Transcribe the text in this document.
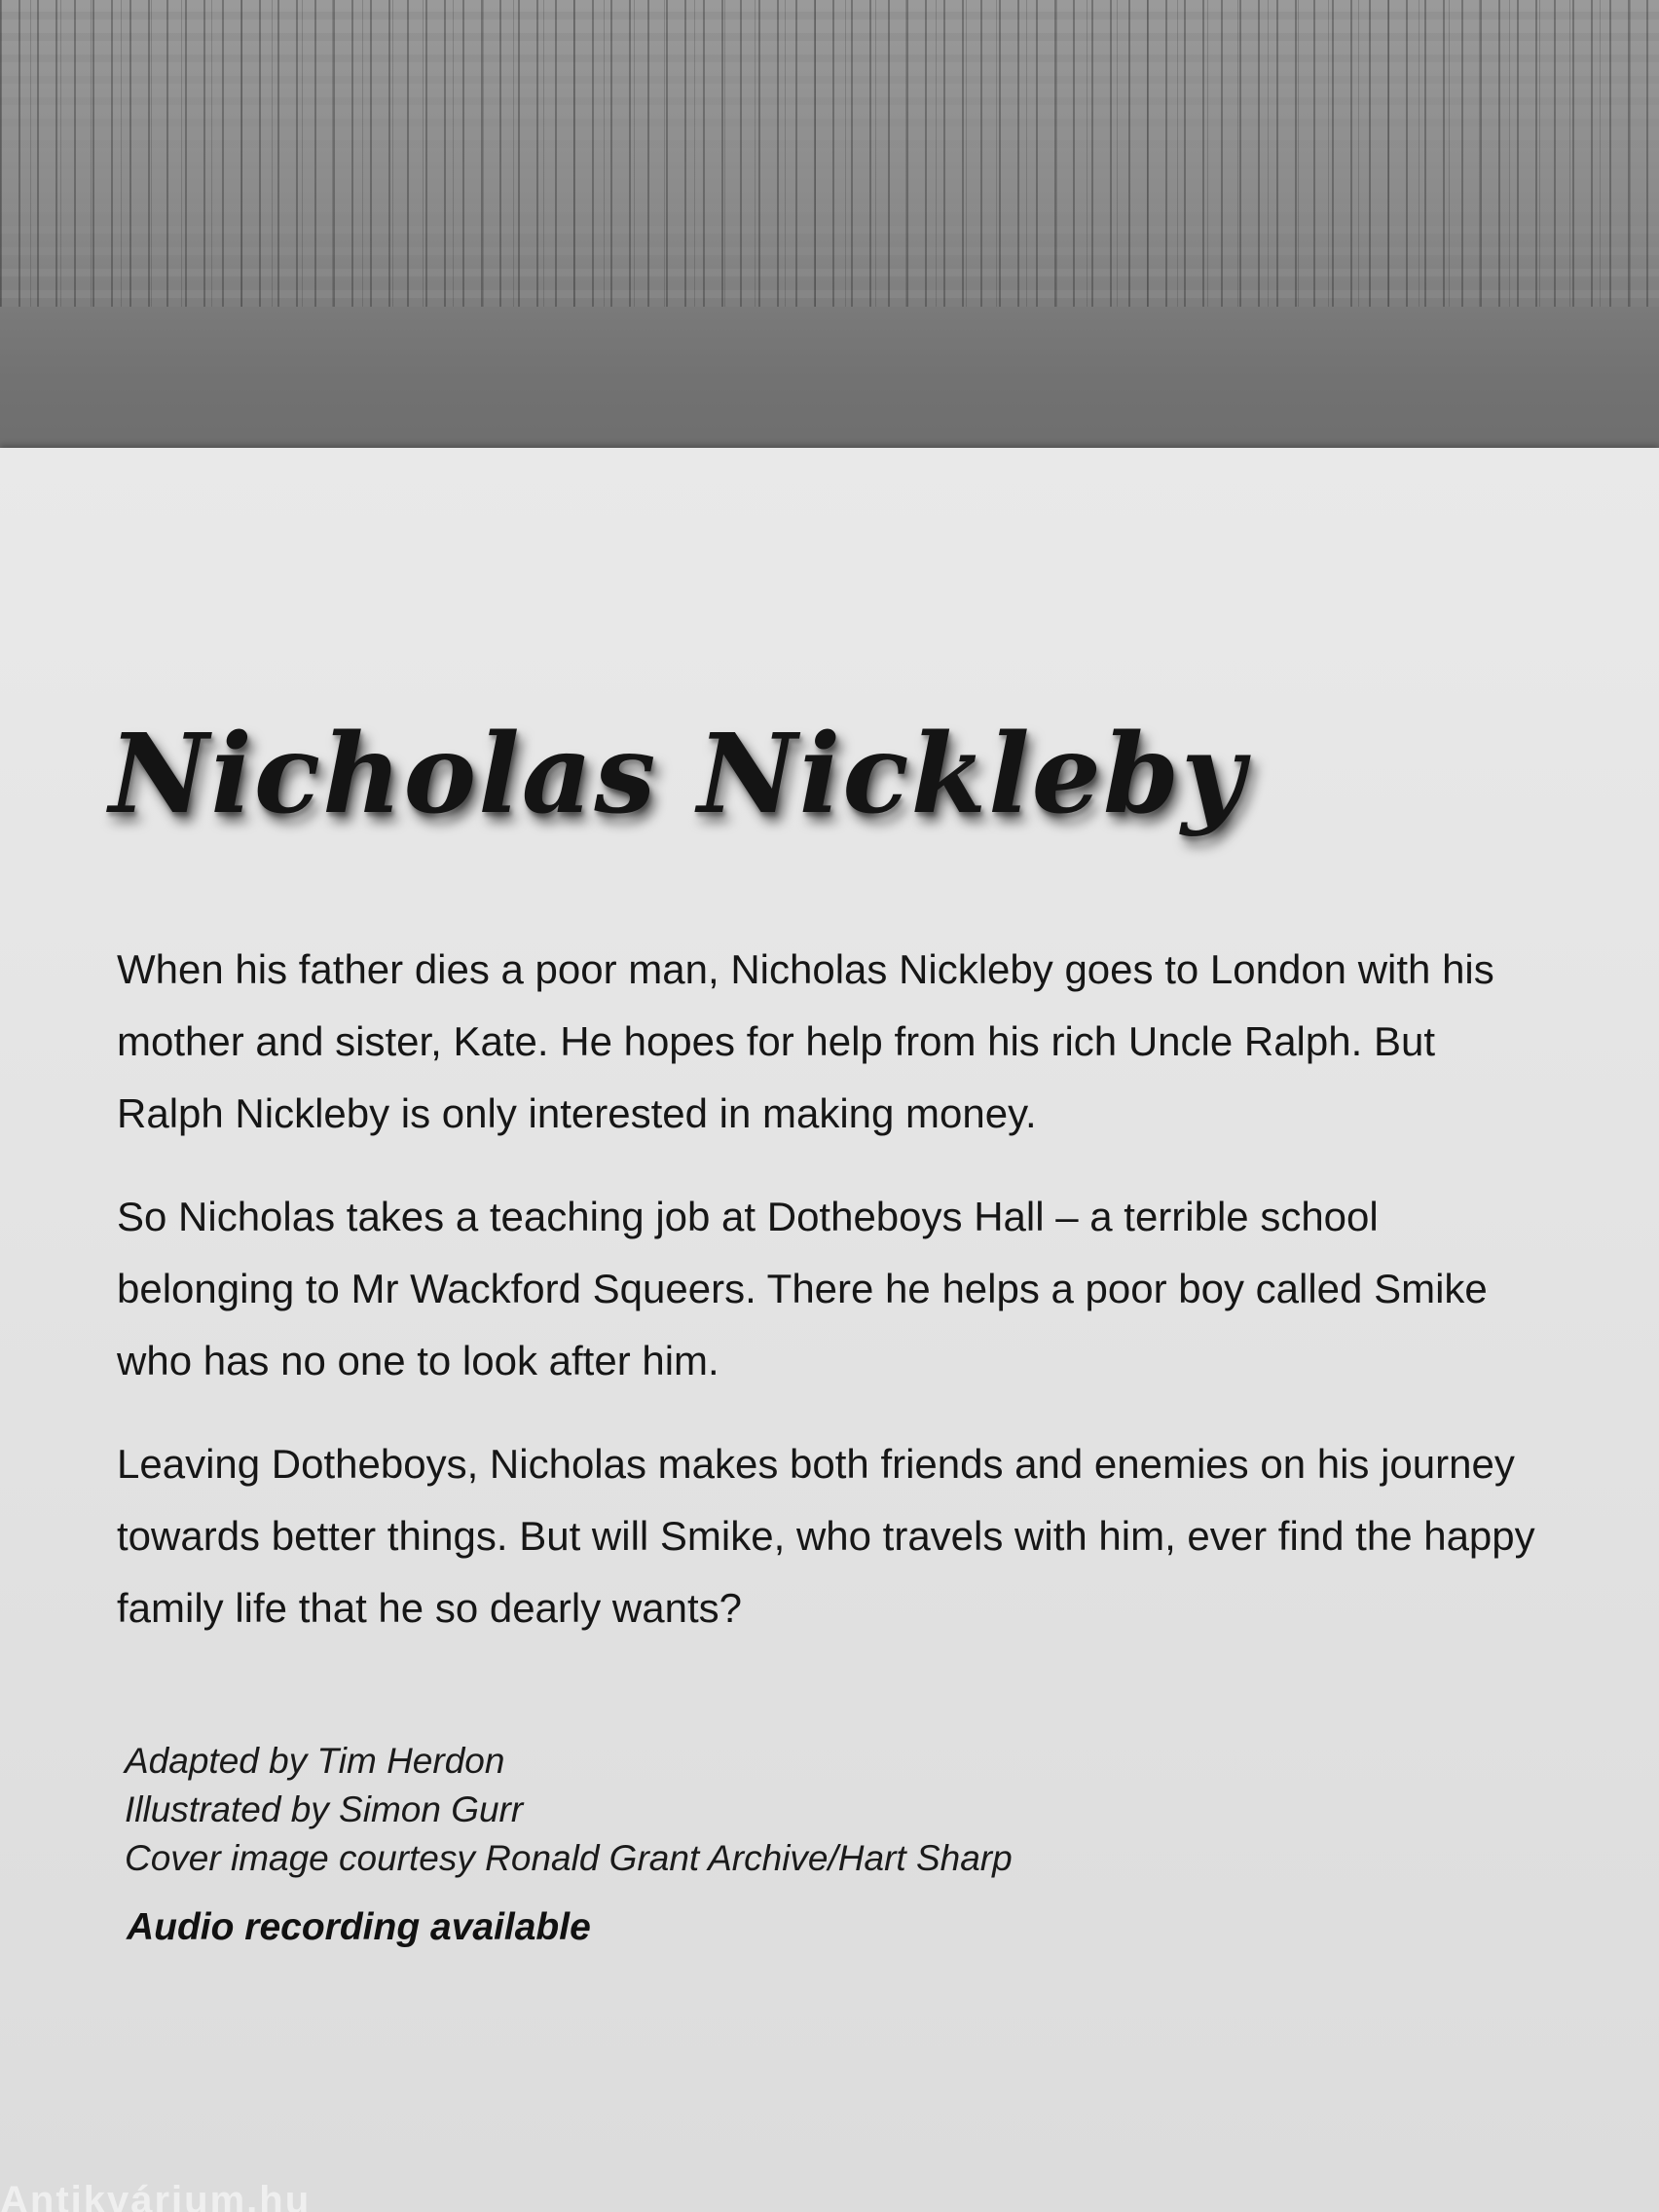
Nicholas Nickleby

When his father dies a poor man, Nicholas Nickleby goes to London with his mother and sister, Kate. He hopes for help from his rich Uncle Ralph. But Ralph Nickleby is only interested in making money.

So Nicholas takes a teaching job at Dotheboys Hall – a terrible school belonging to Mr Wackford Squeers. There he helps a poor boy called Smike who has no one to look after him.

Leaving Dotheboys, Nicholas makes both friends and enemies on his journey towards better things. But will Smike, who travels with him, ever find the happy family life that he so dearly wants?

Adapted by Tim Herdon
Illustrated by Simon Gurr
Cover image courtesy Ronald Grant Archive/Hart Sharp
Audio recording available
Antikvárium.hu
